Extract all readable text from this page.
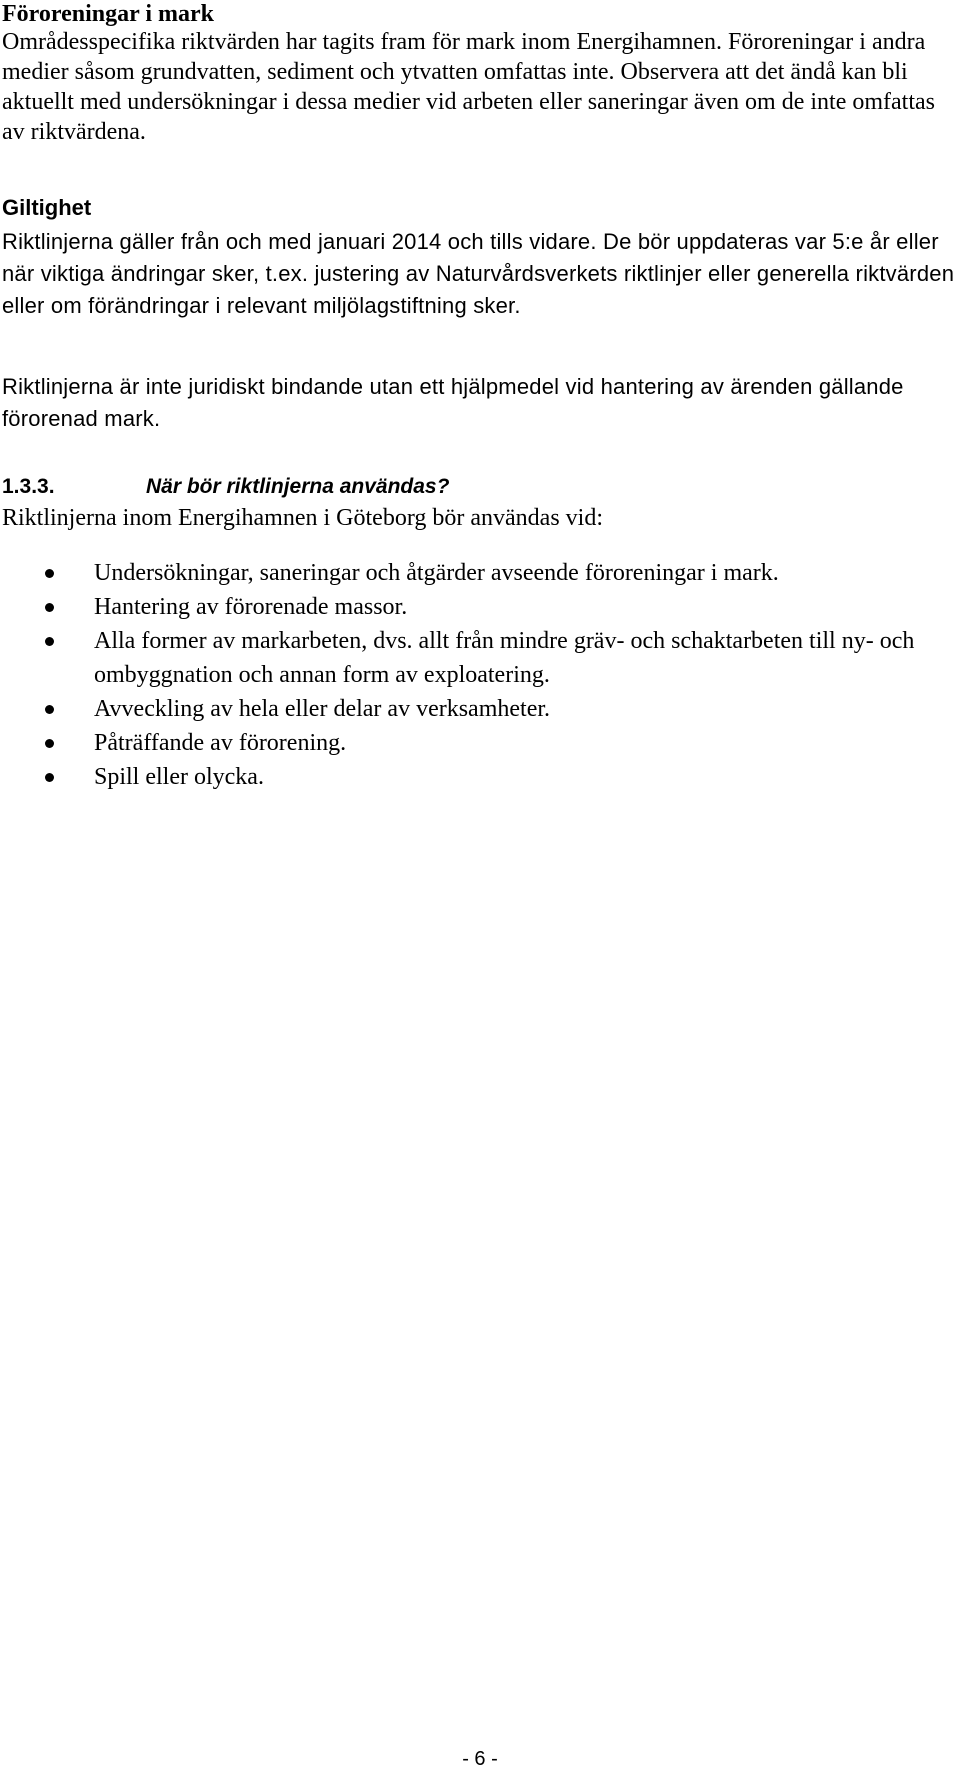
Föroreningar i mark
Områdesspecifika riktvärden har tagits fram för mark inom Energihamnen. Föroreningar i andra medier såsom grundvatten, sediment och ytvatten omfattas inte. Observera att det ändå kan bli aktuellt med undersökningar i dessa medier vid arbeten eller saneringar även om de inte omfattas av riktvärdena.
Giltighet
Riktlinjerna gäller från och med januari 2014 och tills vidare. De bör uppdateras var 5:e år eller när viktiga ändringar sker, t.ex. justering av Naturvårdsverkets riktlinjer eller generella riktvärden eller om förändringar i relevant miljölagstiftning sker.
Riktlinjerna är inte juridiskt bindande utan ett hjälpmedel vid hantering av ärenden gällande förorenad mark.
1.3.3.	När bör riktlinjerna användas?
Riktlinjerna inom Energihamnen i Göteborg bör användas vid:
Undersökningar, saneringar och åtgärder avseende föroreningar i mark.
Hantering av förorenade massor.
Alla former av markarbeten, dvs. allt från mindre gräv- och schaktarbeten till ny- och ombyggnation och annan form av exploatering.
Avveckling av hela eller delar av verksamheter.
Påträffande av förorening.
Spill eller olycka.
- 6 -
